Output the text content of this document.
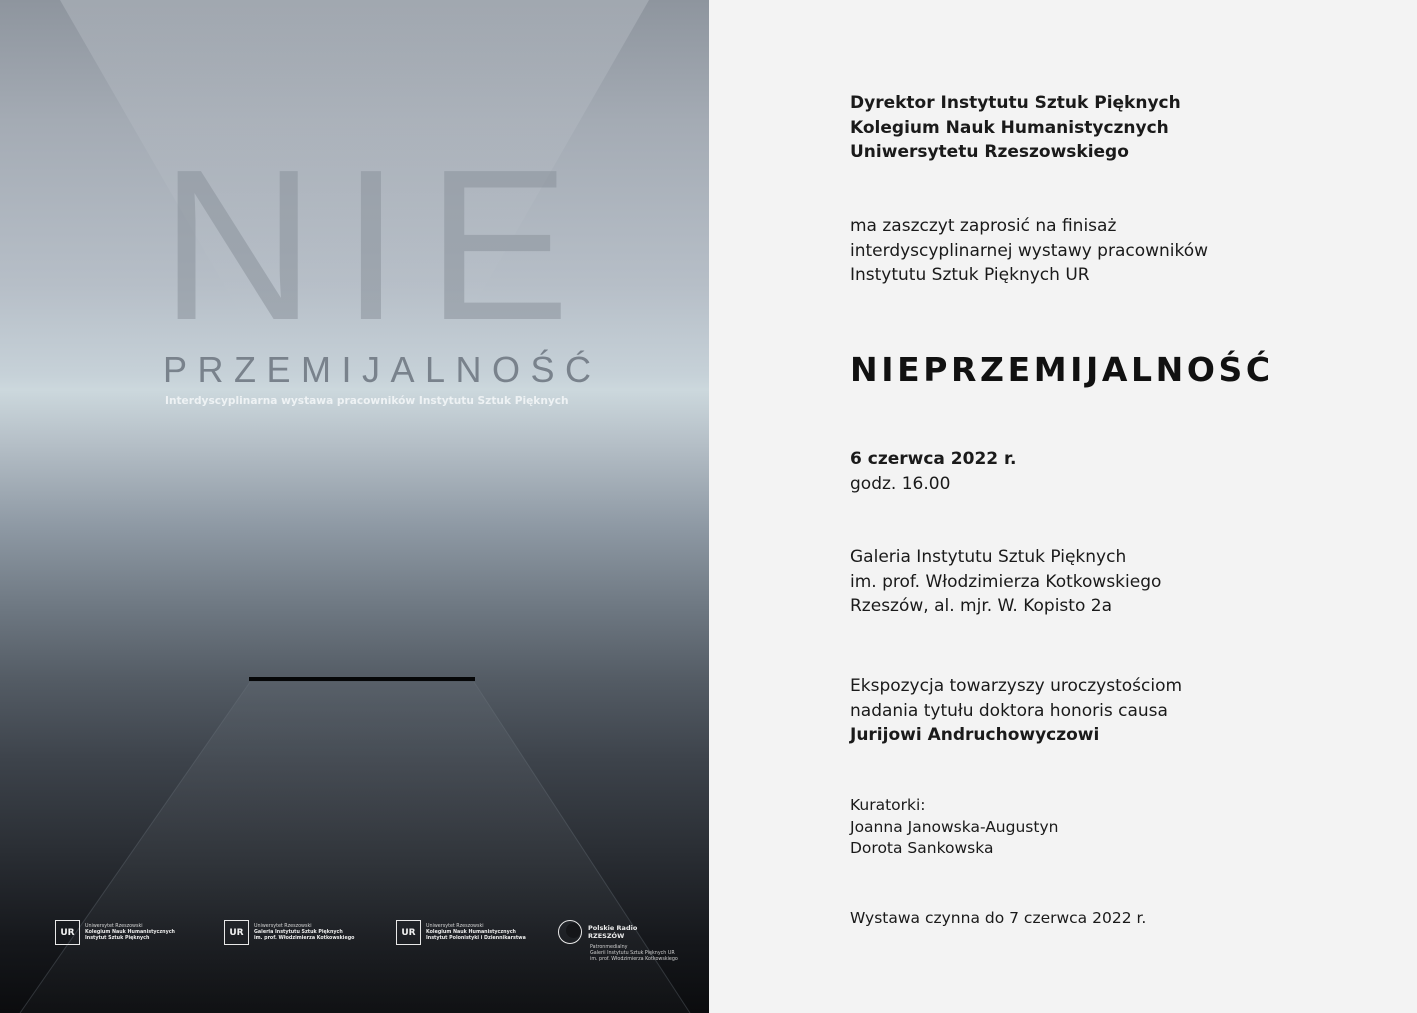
N I E
PRZEMIJALNOŚĆ
Interdyscyplinarna wystawa pracowników Instytutu Sztuk Pięknych
UR
Uniwersytet Rzeszowski
Kolegium Nauk Humanistycznych
Instytut Sztuk Pięknych
UR
Uniwersytet Rzeszowski
Galeria Instytutu Sztuk Pięknych
im. prof. Włodzimierza Kotkowskiego
UR
Uniwersytet Rzeszowski
Kolegium Nauk Humanistycznych
Instytut Polonistyki i Dziennikarstwa
Polskie Radio
RZESZÓW
Patronmedialny
Galerii Instytutu Sztuk Pięknych UR
im. prof. Włodzimierza Kotkowskiego

Dyrektor Instytutu Sztuk Pięknych
Kolegium Nauk Humanistycznych
Uniwersytetu Rzeszowskiego

ma zaszczyt zaprosić na finisaż
interdyscyplinarnej wystawy pracowników
Instytutu Sztuk Pięknych UR

NIEPRZEMIJALNOŚĆ

6 czerwca 2022 r.
godz. 16.00

Galeria Instytutu Sztuk Pięknych
im. prof. Włodzimierza Kotkowskiego
Rzeszów, al. mjr. W. Kopisto 2a

Ekspozycja towarzyszy uroczystościom
nadania tytułu doktora honoris causa
Jurijowi Andruchowyczowi

Kuratorki:
Joanna Janowska-Augustyn
Dorota Sankowska

Wystawa czynna do 7 czerwca 2022 r.
